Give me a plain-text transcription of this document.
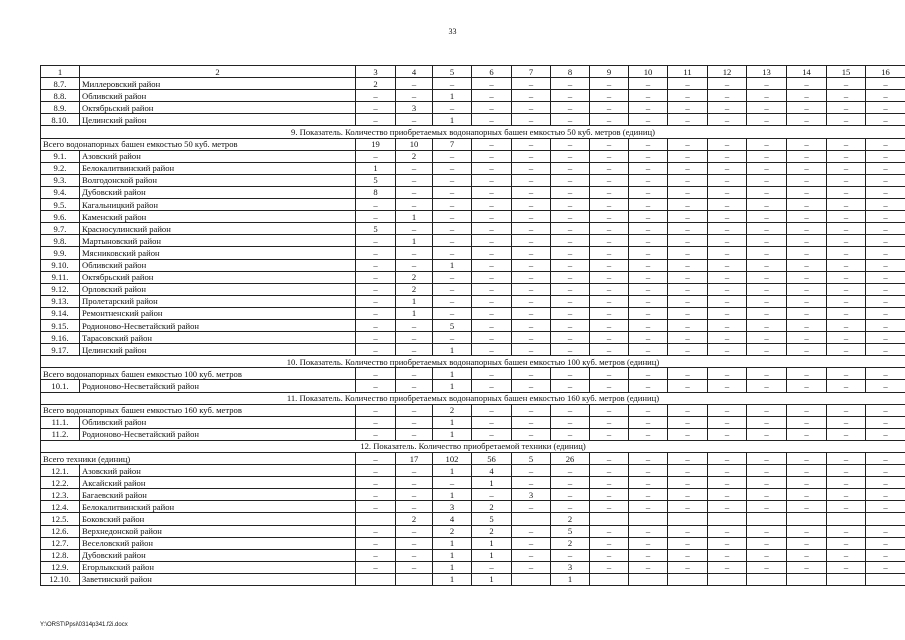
33
1	2	3	4	5	6	7	8	9	10	11	12	13	14	15	16
8.7.	Миллеровский район	2	–	–	–	–	–	–	–	–	–	–	–	–	–
8.8.	Обливский район	–	–	1	–	–	–	–	–	–	–	–	–	–	–
8.9.	Октябрьский район	–	3	–	–	–	–	–	–	–	–	–	–	–	–
8.10.	Целинский район	–	–	1	–	–	–	–	–	–	–	–	–	–	–
9. Показатель. Количество приобретаемых водонапорных башен емкостью 50 куб. метров (единиц)															
Всего водонапорных башен емкостью 50 куб. метров		19	10	7	–	–	–	–	–	–	–	–	–	–	–
9.1.	Азовский район	–	2	–	–	–	–	–	–	–	–	–	–	–	–
9.2.	Белокалитвинский район	1	–	–	–	–	–	–	–	–	–	–	–	–	–
9.3.	Волгодонской район	5	–	–	–	–	–	–	–	–	–	–	–	–	–
9.4.	Дубовский район	8	–	–	–	–	–	–	–	–	–	–	–	–	–
9.5.	Кагальницкий район	–	–	–	–	–	–	–	–	–	–	–	–	–	–
9.6.	Каменский район	–	1	–	–	–	–	–	–	–	–	–	–	–	–
9.7.	Красносулинский район	5	–	–	–	–	–	–	–	–	–	–	–	–	–
9.8.	Мартыновский район	–	1	–	–	–	–	–	–	–	–	–	–	–	–
9.9.	Мясниковский район	–	–	–	–	–	–	–	–	–	–	–	–	–	–
9.10.	Обливский район	–	–	1	–	–	–	–	–	–	–	–	–	–	–
9.11.	Октябрьский район	–	2	–	–	–	–	–	–	–	–	–	–	–	–
9.12.	Орловский район	–	2	–	–	–	–	–	–	–	–	–	–	–	–
9.13.	Пролетарский район	–	1	–	–	–	–	–	–	–	–	–	–	–	–
9.14.	Ремонтненский район	–	1	–	–	–	–	–	–	–	–	–	–	–	–
9.15.	Родионово-Несветайский район	–	–	5	–	–	–	–	–	–	–	–	–	–	–
9.16.	Тарасовский район	–	–	–	–	–	–	–	–	–	–	–	–	–	–
9.17.	Целинский район	–	–	1	–	–	–	–	–	–	–	–	–	–	–
10. Показатель. Количество приобретаемых водонапорных башен емкостью 100 куб. метров (единиц)															
Всего водонапорных башен емкостью 100 куб. метров		–	–	1	–	–	–	–	–	–	–	–	–	–	–
10.1.	Родионово-Несветайский район	–	–	1	–	–	–	–	–	–	–	–	–	–	–
11. Показатель. Количество приобретаемых водонапорных башен емкостью 160 куб. метров (единиц)															
Всего водонапорных башен емкостью 160 куб. метров		–	–	2	–	–	–	–	–	–	–	–	–	–	–
11.1.	Обливский район	–	–	1	–	–	–	–	–	–	–	–	–	–	–
11.2.	Родионово-Несветайский район	–	–	1	–	–	–	–	–	–	–	–	–	–	–
12. Показатель. Количество приобретаемой техники (единиц)															
Всего техники (единиц)		–	17	102	56	5	26	–	–	–	–	–	–	–	–
12.1.	Азовский район	–	–	1	4	–	–	–	–	–	–	–	–	–	–
12.2.	Аксайский район	–	–	–	1	–	–	–	–	–	–	–	–	–	–
12.3.	Багаевский район	–	–	1	–	3	–	–	–	–	–	–	–	–	–
12.4.	Белокалитвинский район	–	–	3	2	–	–	–	–	–	–	–	–	–	–
12.5.	Боковский район		2	4	5		2								
12.6.	Верхнедонской район	–	–	2	2	–	5	–	–	–	–	–	–	–	–
12.7.	Веселовский район	–	–	1	1	–	2	–	–	–	–	–	–	–	–
12.8.	Дубовский район	–	–	1	1	–	–	–	–	–	–	–	–	–	–
12.9.	Егорлыкский район	–	–	1	–	–	3	–	–	–	–	–	–	–	–
12.10.	Заветинский район			1	1		1								
Y:\ORST\Ppsi\0314p341.f2i.docx
